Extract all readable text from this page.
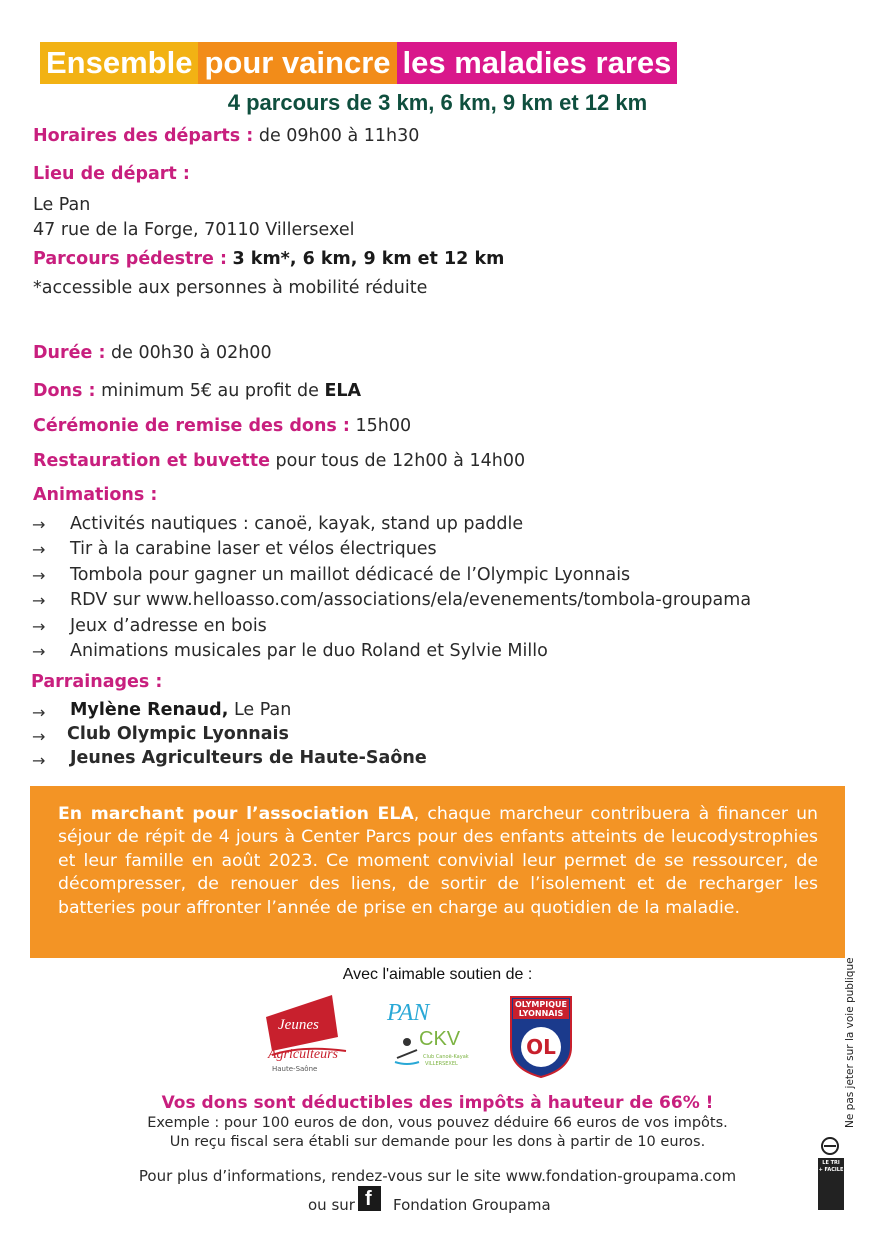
Ensemble pour vaincre les maladies rares
4 parcours de 3 km, 6 km, 9 km et 12 km
Horaires des départs : de 09h00 à 11h30
Lieu de départ :
Le Pan
47 rue de la Forge, 70110 Villersexel
Parcours pédestre : 3 km*, 6 km, 9 km et 12 km
*accessible aux personnes à mobilité réduite
Durée : de 00h30 à 02h00
Dons : minimum 5€ au profit de ELA
Cérémonie de remise des dons : 15h00
Restauration et buvette pour tous de 12h00 à 14h00
Animations :
→ Activités nautiques : canoë, kayak, stand up paddle
→ Tir à la carabine laser et vélos électriques
→ Tombola pour gagner un maillot dédicacé de l’Olympic Lyonnais
→ RDV sur www.helloasso.com/associations/ela/evenements/tombola-groupama
→ Jeux d’adresse en bois
→ Animations musicales par le duo Roland et Sylvie Millo
Parrainages :
→ Mylène Renaud, Le Pan
→ Club Olympic Lyonnais
→ Jeunes Agriculteurs de Haute-Saône

En marchant pour l’association ELA, chaque marcheur contribuera à financer un séjour de répit de 4 jours à Center Parcs pour des enfants atteints de leucodystrophies et leur famille en août 2023. Ce moment convivial leur permet de se ressourcer, de décompresser, de renouer des liens, de sortir de l’isolement et de recharger les batteries pour affronter l’année de prise en charge au quotidien de la maladie.

Avec l'aimable soutien de :
Jeunes
Agriculteurs
Haute-Saône
PAN
CKV
Club Canoë-Kayak
VILLERSEXEL
OLYMPIQUE
LYONNAIS
OL
Vos dons sont déductibles des impôts à hauteur de 66% !
Exemple : pour 100 euros de don, vous pouvez déduire 66 euros de vos impôts.
Un reçu fiscal sera établi sur demande pour les dons à partir de 10 euros.
Pour plus d’informations, rendez-vous sur le site www.fondation-groupama.com
ou sur f Fondation Groupama
Ne pas jeter sur la voie publique
LE TRI
+ FACILE
